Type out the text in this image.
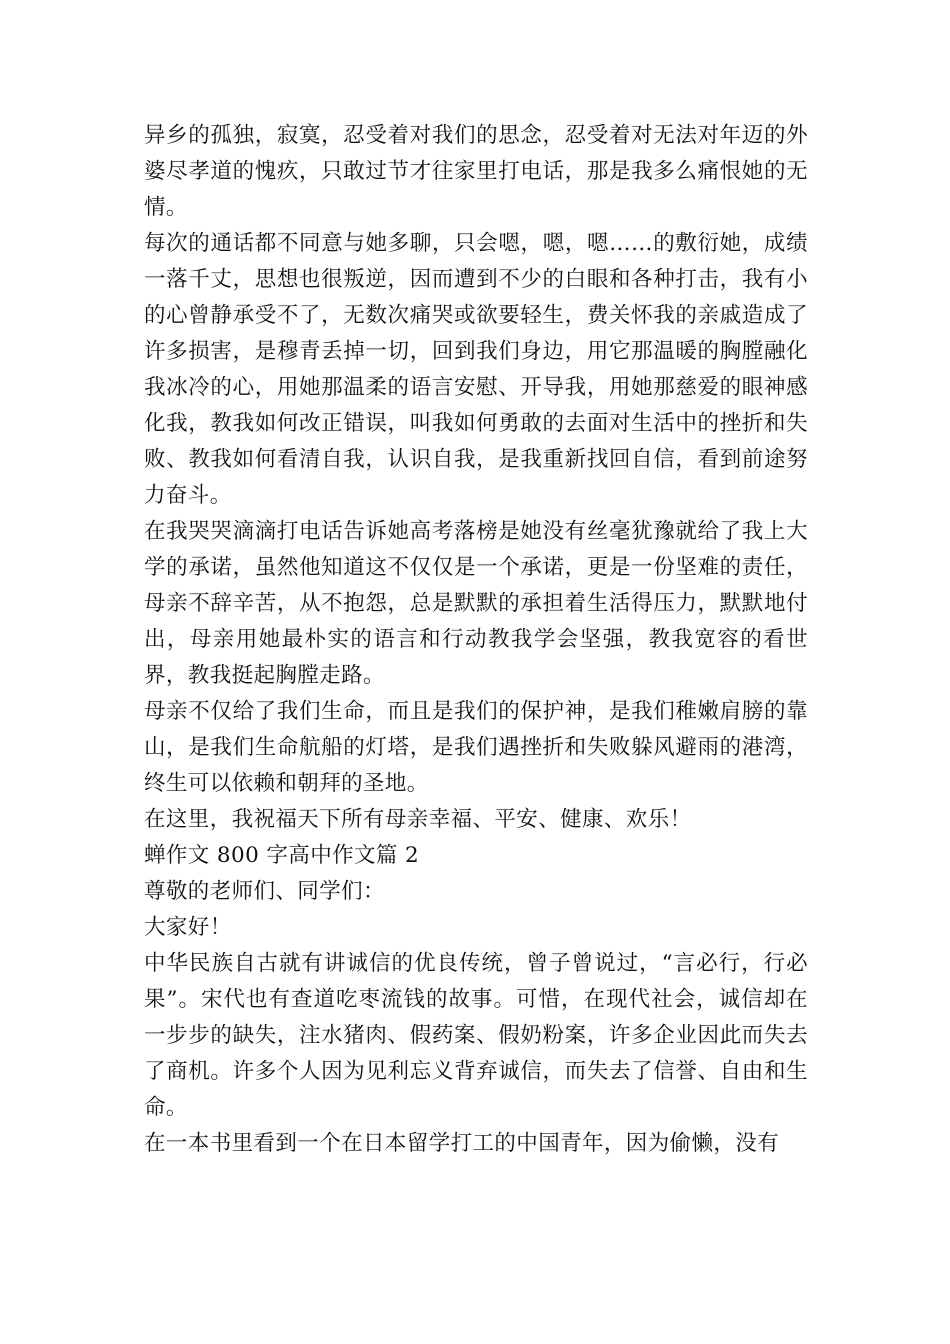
异乡的孤独，寂寞，忍受着对我们的思念，忍受着对无法对年迈的外婆尽孝道的愧疚，只敢过节才往家里打电话，那是我多么痛恨她的无情。

每次的通话都不同意与她多聊，只会嗯，嗯，嗯……的敷衍她，成绩一落千丈，思想也很叛逆，因而遭到不少的白眼和各种打击，我有小的心曾静承受不了，无数次痛哭或欲要轻生，费关怀我的亲戚造成了许多损害，是穆青丢掉一切，回到我们身边，用它那温暖的胸膛融化我冰冷的心，用她那温柔的语言安慰、开导我，用她那慈爱的眼神感化我，教我如何改正错误，叫我如何勇敢的去面对生活中的挫折和失败、教我如何看清自我，认识自我，是我重新找回自信，看到前途努力奋斗。

在我哭哭滴滴打电话告诉她高考落榜是她没有丝毫犹豫就给了我上大学的承诺，虽然他知道这不仅仅是一个承诺，更是一份坚难的责任，母亲不辞辛苦，从不抱怨，总是默默的承担着生活得压力，默默地付出，母亲用她最朴实的语言和行动教我学会坚强，教我宽容的看世界，教我挺起胸膛走路。

母亲不仅给了我们生命，而且是我们的保护神，是我们稚嫩肩膀的靠山，是我们生命航船的灯塔，是我们遇挫折和失败躲风避雨的港湾，终生可以依赖和朝拜的圣地。

在这里，我祝福天下所有母亲幸福、平安、健康、欢乐！

蝉作文 800 字高中作文篇 2

尊敬的老师们、同学们：

大家好！

中华民族自古就有讲诚信的优良传统，曾子曾说过，“言必行，行必果”。宋代也有查道吃枣流钱的故事。可惜，在现代社会，诚信却在一步步的缺失，注水猪肉、假药案、假奶粉案，许多企业因此而失去了商机。许多个人因为见利忘义背弃诚信，而失去了信誉、自由和生命。

在一本书里看到一个在日本留学打工的中国青年，因为偷懒，没有
